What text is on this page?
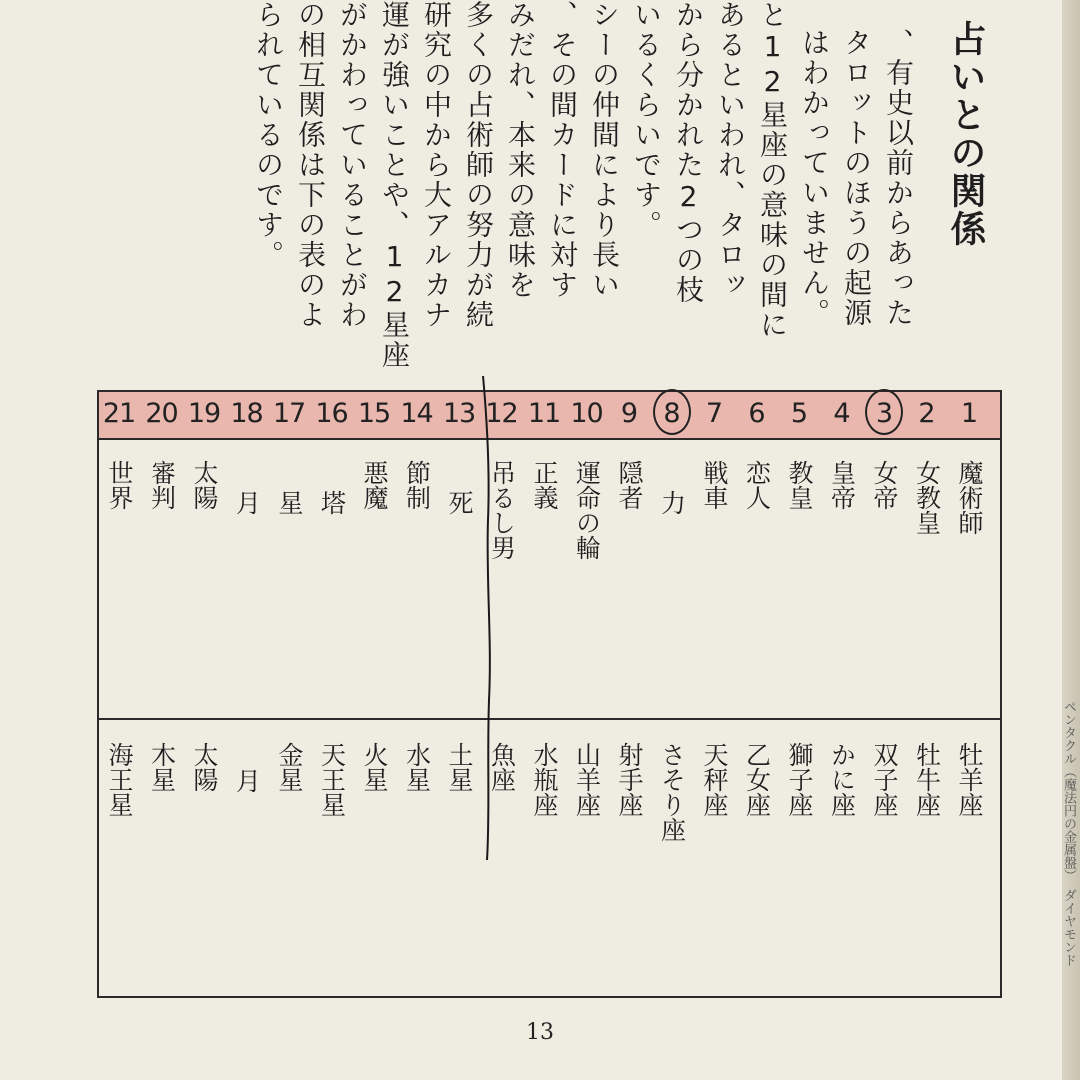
占いとの関係
、有史以前からあった
タロットのほうの起源
はわかっていません。
と12星座の意味の間に
あるといわれ、タロッ
から分かれた2つの枝
いるくらいです。
シーの仲間により長い
、その間カードに対す
みだれ、本来の意味を
多くの占術師の努力が続
研究の中から大アルカナ
運が強いことや、12星座
がかわっていることがわ
の相互関係は下の表のよ
られているのです。
1
2
3
4
5
6
7
8
9
10
11
12
13
14
15
16
17
18
19
20
21
魔術師
女教皇
女帝
皇帝
教皇
恋人
戦車
力
隠者
運命の輪
正義
吊るし男
死
節制
悪魔
塔
星
月
太陽
審判
世界
牡羊座
牡牛座
双子座
かに座
獅子座
乙女座
天秤座
さそり座
射手座
山羊座
水瓶座
魚座
土星
水星
火星
天王星
金星
月
太陽
木星
海王星
13
ペンタクル（魔法円の金属盤）　ダイヤモンド
